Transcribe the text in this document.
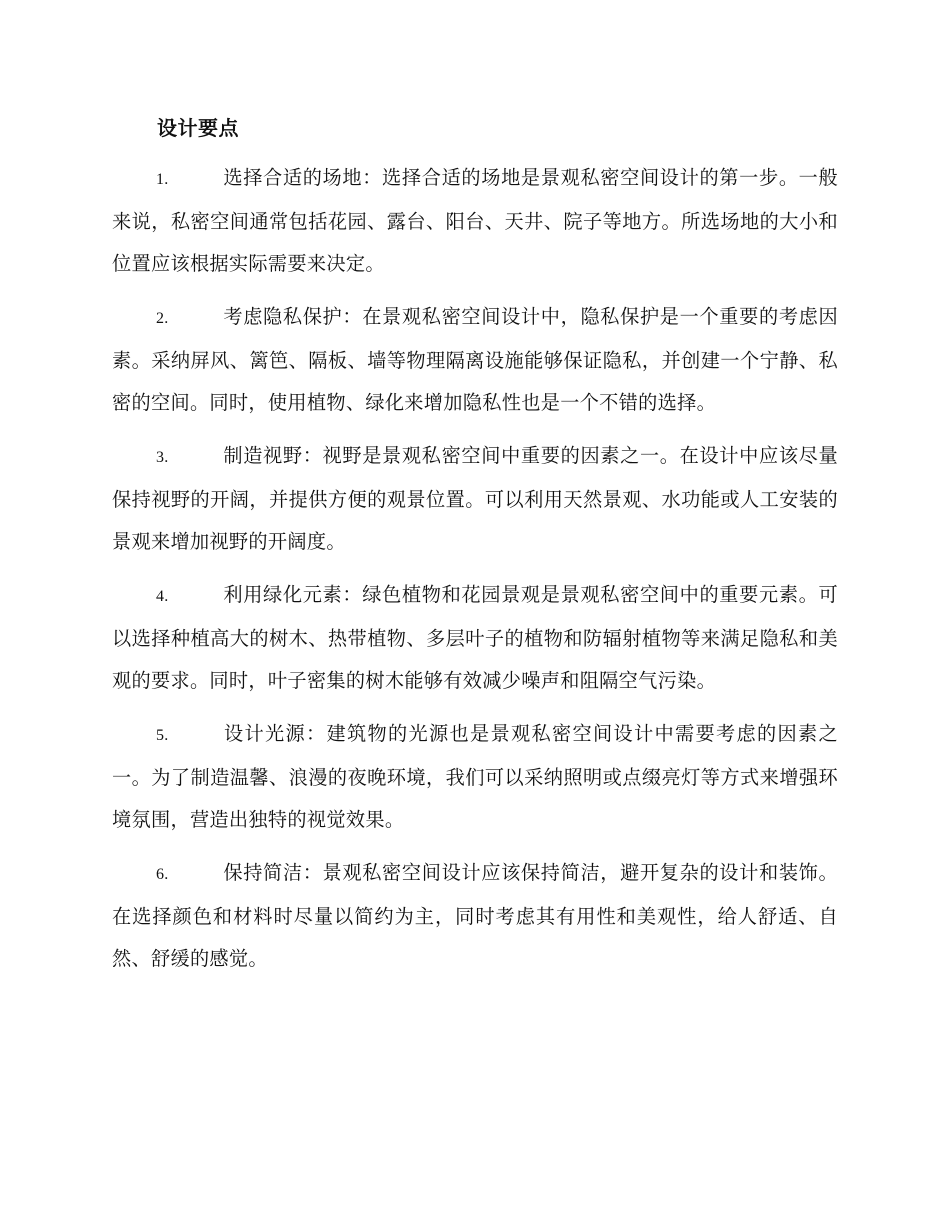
设计要点

1.	选择合适的场地：选择合适的场地是景观私密空间设计的第一步。一般来说，私密空间通常包括花园、露台、阳台、天井、院子等地方。所选场地的大小和位置应该根据实际需要来决定。

2.	考虑隐私保护：在景观私密空间设计中，隐私保护是一个重要的考虑因素。采纳屏风、篱笆、隔板、墙等物理隔离设施能够保证隐私，并创建一个宁静、私密的空间。同时，使用植物、绿化来增加隐私性也是一个不错的选择。

3.	制造视野：视野是景观私密空间中重要的因素之一。在设计中应该尽量保持视野的开阔，并提供方便的观景位置。可以利用天然景观、水功能或人工安装的景观来增加视野的开阔度。

4.	利用绿化元素：绿色植物和花园景观是景观私密空间中的重要元素。可以选择种植高大的树木、热带植物、多层叶子的植物和防辐射植物等来满足隐私和美观的要求。同时，叶子密集的树木能够有效减少噪声和阻隔空气污染。

5.	设计光源：建筑物的光源也是景观私密空间设计中需要考虑的因素之一。为了制造温馨、浪漫的夜晚环境，我们可以采纳照明或点缀亮灯等方式来增强环境氛围，营造出独特的视觉效果。

6.	保持简洁：景观私密空间设计应该保持简洁，避开复杂的设计和装饰。在选择颜色和材料时尽量以简约为主，同时考虑其有用性和美观性，给人舒适、自然、舒缓的感觉。
